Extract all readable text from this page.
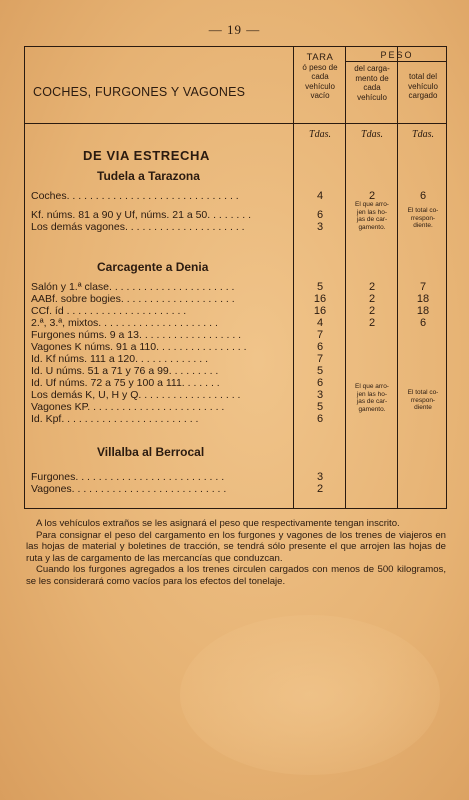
— 19 —
COCHES, FURGONES Y VAGONES
TARA
ó peso de
cada
vehículo
vacío
PESO
del carga-
mento de
cada
vehículo
total del
vehículo
cargado
Tdas.	Tdas.	Tdas.
DE VIA ESTRECHA
Tudela a Tarazona
Carcagente a Denia
Villalba al Berrocal
Coches. . . . . . . . . . . . . . . . . . . . . . . . . . . . . .	4	2	6
Kf. núms. 81 a 90 y Uf, núms. 21 a 50. . . . . . . .	6
Los demás vagones. . . . . . . . . . . . . . . . . . . . .	3
Salón y 1.ª clase. . . . . . . . . . . . . . . . . . . . . .	5	2	7
AABf. sobre bogies. . . . . . . . . . . . . . . . . . . .	16	2	18
CCf. íd . . . . . . . . . . . . . . . . . . . . .	16	2	18
2.ª, 3.ª, mixtos. . . . . . . . . . . . . . . . . . . . .	4	2	6
Furgones núms. 9 a 13. . . . . . . . . . . . . . . . . .	7
Vagones K núms. 91 a 110. . . . . . . . . . . . . . . .	6
Id. Kf núms. 111 a 120. . . . . . . . . . . . .	7
Id. U núms. 51 a 71 y 76 a 99. . . . . . . . .	5
Id. Uf núms. 72 a 75 y 100 a 111. . . . . . .	6
Los demás K, U, H y Q. . . . . . . . . . . . . . . . . .	3
Vagones KP. . . . . . . . . . . . . . . . . . . . . . . .	5
Id. Kpf. . . . . . . . . . . . . . . . . . . . . . . .	6
Furgones. . . . . . . . . . . . . . . . . . . . . . . . . .	3
Vagones. . . . . . . . . . . . . . . . . . . . . . . . . . .	2
El que arro-
jen las ho-
jas de car-
gamento.
El total co-
rrespon-
diente.
El que arro-
jen las ho-
jas de car-
gamento.
El total co-
rrespon-
diente

A los vehículos extraños se les asignará el peso que respectivamente tengan inscrito.

Para consignar el peso del cargamento en los furgones y vagones de los trenes de viajeros en las hojas de material y boletines de tracción, se tendrá sólo presente el que arrojen las hojas de ruta y las de cargamento de las mercancías que conduzcan.

Cuando los furgones agregados a los trenes circulen cargados con menos de 500 kilogramos, se les considerará como vacíos para los efectos del tonelaje.
